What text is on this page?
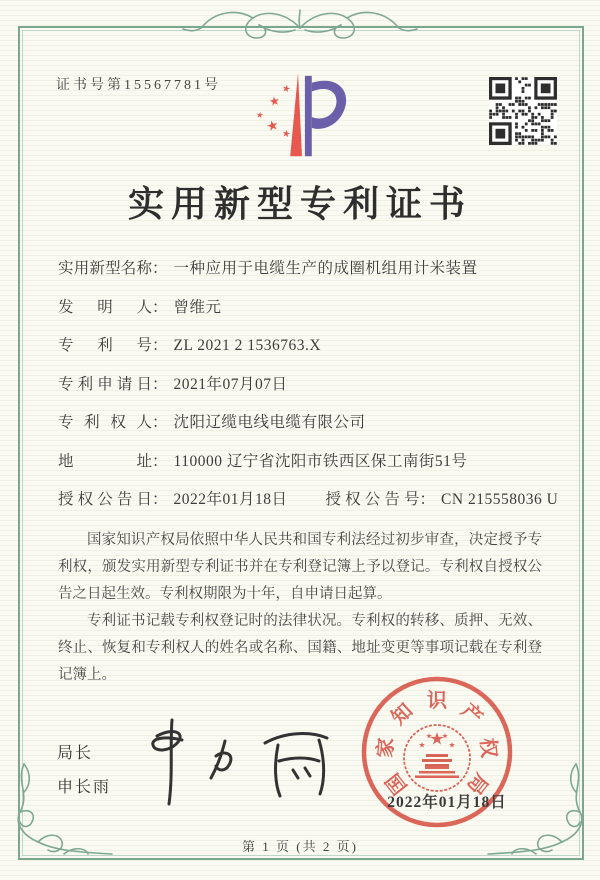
证书号第15567781号
实用新型专利证书
实用新型名称： 一种应用于电缆生产的成圈机组用计米装置
发明人： 曾维元
专利号： ZL 2021 2 1536763.X
专利申请日： 2021年07月07日
专利权人： 沈阳辽缆电线电缆有限公司
地址： 110000 辽宁省沈阳市铁西区保工南街51号
授权公告日： 2022年01月18日 授权公告号： CN 215558036 U

国家知识产权局依照中华人民共和国专利法经过初步审查，决定授予专利权，颁发实用新型专利证书并在专利登记簿上予以登记。专利权自授权公告之日起生效。专利权期限为十年，自申请日起算。

专利证书记载专利权登记时的法律状况。专利权的转移、质押、无效、终止、恢复和专利权人的姓名或名称、国籍、地址变更等事项记载在专利登记簿上。

局长
申长雨	国
家
知 识 产
权
局
2022年01月18日
第 1 页 (共 2 页)
